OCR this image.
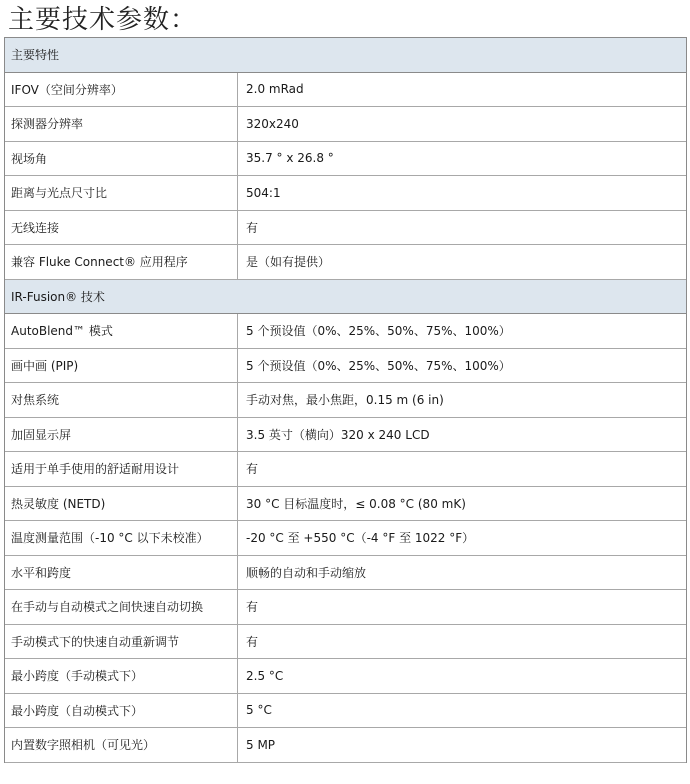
主要技术参数：
主要特性
IFOV（空间分辨率）	2.0 mRad
探测器分辨率	320x240
视场角	35.7 ° x 26.8 °
距离与光点尺寸比	504:1
无线连接	有
兼容 Fluke Connect® 应用程序	是（如有提供）
IR-Fusion® 技术
AutoBlend™ 模式	5 个预设值（0%、25%、50%、75%、100%）
画中画 (PIP)	5 个预设值（0%、25%、50%、75%、100%）
对焦系统	手动对焦，最小焦距，0.15 m (6 in)
加固显示屏	3.5 英寸（横向）320 x 240 LCD
适用于单手使用的舒适耐用设计	有
热灵敏度 (NETD)	30 °C 目标温度时，≤ 0.08 °C (80 mK)
温度测量范围（-10 °C 以下未校准）	-20 °C 至 +550 °C（-4 °F 至 1022 °F）
水平和跨度	顺畅的自动和手动缩放
在手动与自动模式之间快速自动切换	有
手动模式下的快速自动重新调节	有
最小跨度（手动模式下）	2.5 °C
最小跨度（自动模式下）	5 °C
内置数字照相机（可见光）	5 MP
